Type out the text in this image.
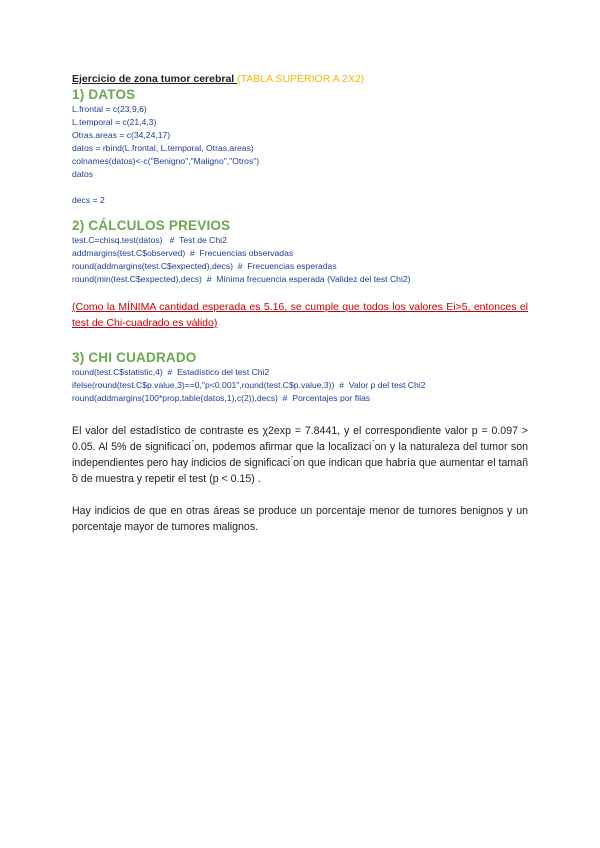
Ejercicio de zona tumor cerebral (TABLA SUPERIOR A 2X2)
1) DATOS
L.frontal = c(23,9,6)
L.temporal = c(21,4,3)
Otras.areas = c(34,24,17)
datos = rbind(L.frontal, L.temporal, Otras.areas)
colnames(datos)<-c("Benigno","Maligno","Otros")
datos
decs = 2
2) CÁLCULOS PREVIOS
test.C=chisq.test(datos)   #  Test de Chi2
addmargins(test.C$observed)  #  Frecuencias observadas
round(addmargins(test.C$expected),decs)  #  Frecuencias esperadas
round(min(test.C$expected),decs)  #  Mínima frecuencia esperada (Validez del test Chi2)
(Como la MÍNIMA cantidad esperada es 5.16, se cumple que todos los valores Ei>5, entonces el test de Chi-cuadrado es válido)
3) CHI CUADRADO
round(test.C$statistic,4)  #  Estadístico del test Chi2
ifelse(round(test.C$p.value,3)==0,"p<0.001",round(test.C$p.value,3))  #  Valor p del test Chi2
round(addmargins(100*prop.table(datos,1),c(2)),decs)  #  Porcentajes por filas
El valor del estadístico de contraste es χ2exp = 7.8441, y el correspondiente valor p = 0.097 > 0.05. Al 5% de significaci ́on, podemos afirmar que la localizaci ́on y la naturaleza del tumor son independientes pero hay indicios de significaci ́on que indican que habría que aumentar el tamañ ̃o de muestra y repetir el test (p < 0.15) .
Hay indicios de que en otras áreas se produce un porcentaje menor de tumores benignos y un porcentaje mayor de tumores malignos.
